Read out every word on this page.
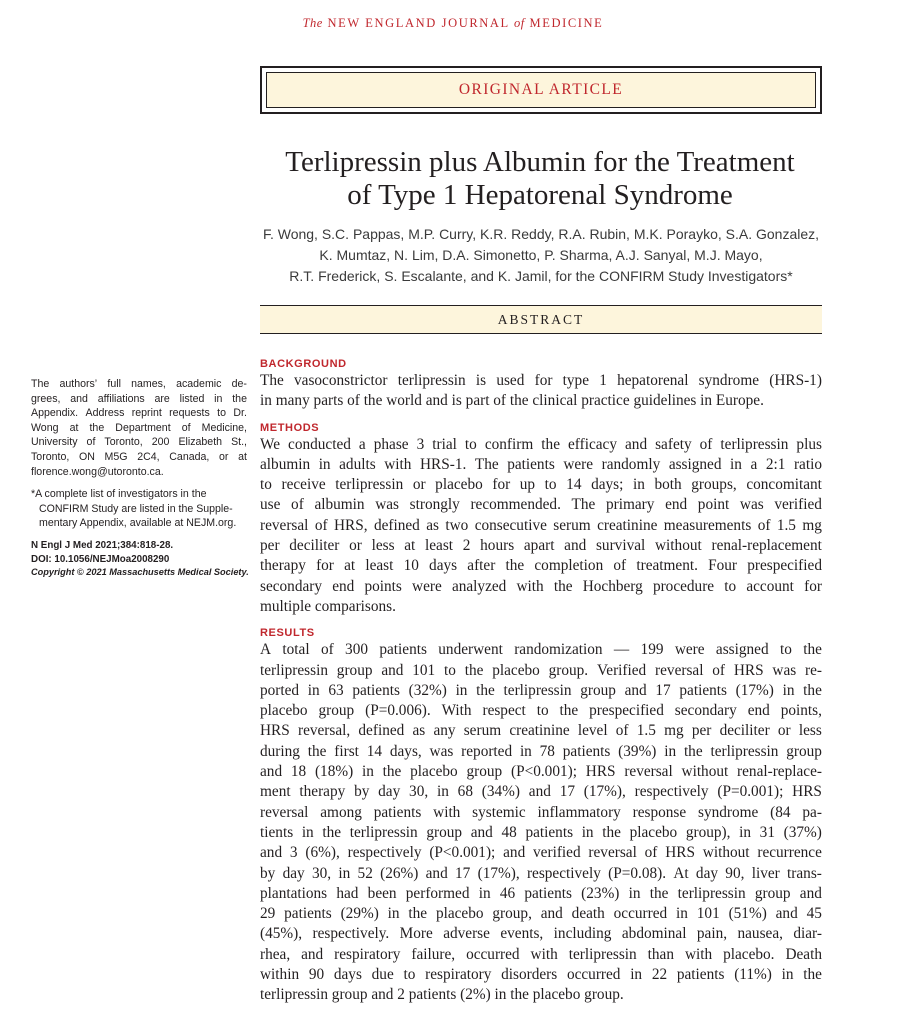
The NEW ENGLAND JOURNAL of MEDICINE
ORIGINAL ARTICLE
Terlipressin plus Albumin for the Treatment
of Type 1 Hepatorenal Syndrome
F. Wong, S.C. Pappas, M.P. Curry, K.R. Reddy, R.A. Rubin, M.K. Porayko, S.A. Gonzalez,
K. Mumtaz, N. Lim, D.A. Simonetto, P. Sharma, A.J. Sanyal, M.J. Mayo,
R.T. Frederick, S. Escalante, and K. Jamil, for the CONFIRM Study Investigators*
ABSTRACT
The authors’ full names, academic de-
grees, and affiliations are listed in the
Appendix. Address reprint requests to Dr.
Wong at the Department of Medicine,
University of Toronto, 200 Elizabeth St.,
Toronto, ON M5G 2C4, Canada, or at
florence.wong@utoronto.ca.
*A complete list of investigators in the
CONFIRM Study are listed in the Supple-
mentary Appendix, available at NEJM.org.
N Engl J Med 2021;384:818-28.
DOI: 10.1056/NEJMoa2008290
Copyright © 2021 Massachusetts Medical Society.

BACKGROUND

The vasoconstrictor terlipressin is used for type 1 hepatorenal syndrome (HRS-1)
in many parts of the world and is part of the clinical practice guidelines in Europe.

METHODS

We conducted a phase 3 trial to confirm the efficacy and safety of terlipressin plus
albumin in adults with HRS-1. The patients were randomly assigned in a 2:1 ratio
to receive terlipressin or placebo for up to 14 days; in both groups, concomitant
use of albumin was strongly recommended. The primary end point was verified
reversal of HRS, defined as two consecutive serum creatinine measurements of 1.5 mg
per deciliter or less at least 2 hours apart and survival without renal-replacement
therapy for at least 10 days after the completion of treatment. Four prespecified
secondary end points were analyzed with the Hochberg procedure to account for
multiple comparisons.

RESULTS

A total of 300 patients underwent randomization — 199 were assigned to the
terlipressin group and 101 to the placebo group. Verified reversal of HRS was re-
ported in 63 patients (32%) in the terlipressin group and 17 patients (17%) in the
placebo group (P=0.006). With respect to the prespecified secondary end points,
HRS reversal, defined as any serum creatinine level of 1.5 mg per deciliter or less
during the first 14 days, was reported in 78 patients (39%) in the terlipressin group
and 18 (18%) in the placebo group (P<0.001); HRS reversal without renal-replace-
ment therapy by day 30, in 68 (34%) and 17 (17%), respectively (P=0.001); HRS
reversal among patients with systemic inflammatory response syndrome (84 pa-
tients in the terlipressin group and 48 patients in the placebo group), in 31 (37%)
and 3 (6%), respectively (P<0.001); and verified reversal of HRS without recurrence
by day 30, in 52 (26%) and 17 (17%), respectively (P=0.08). At day 90, liver trans-
plantations had been performed in 46 patients (23%) in the terlipressin group and
29 patients (29%) in the placebo group, and death occurred in 101 (51%) and 45
(45%), respectively. More adverse events, including abdominal pain, nausea, diar-
rhea, and respiratory failure, occurred with terlipressin than with placebo. Death
within 90 days due to respiratory disorders occurred in 22 patients (11%) in the
terlipressin group and 2 patients (2%) in the placebo group.
